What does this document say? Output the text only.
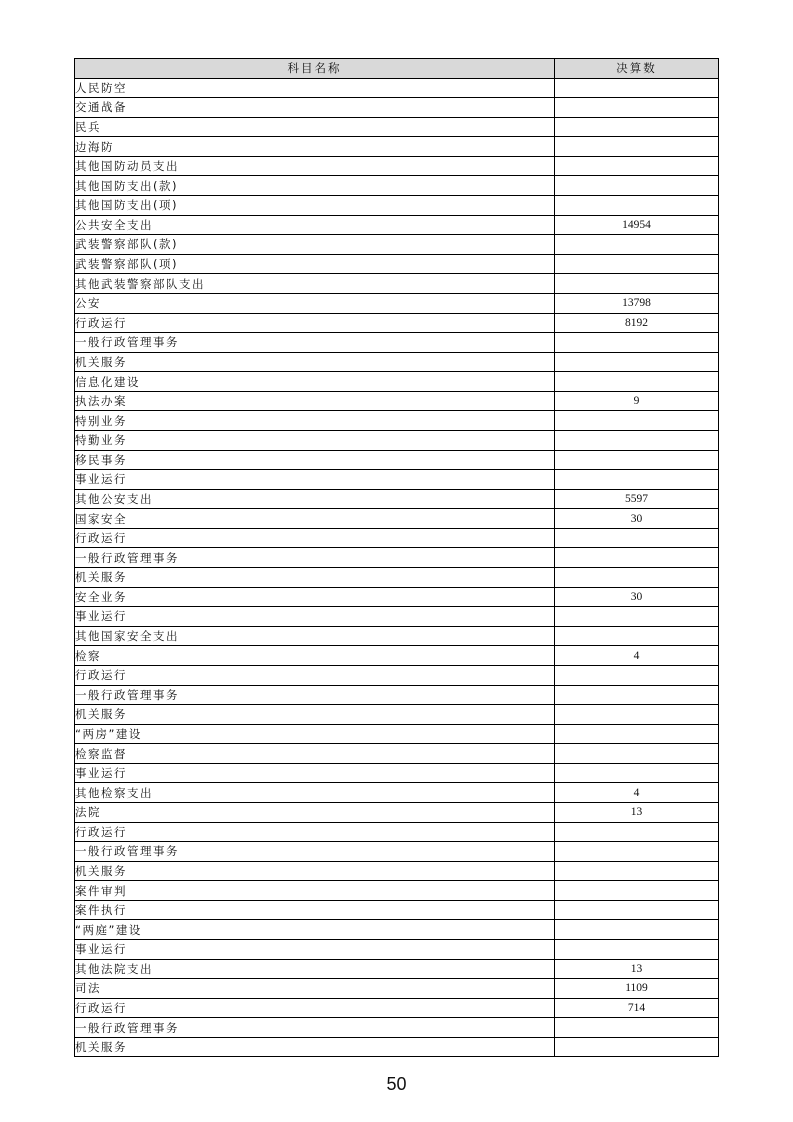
科目名称	决算数
人民防空	
交通战备	
民兵	
边海防	
其他国防动员支出	
其他国防支出(款)	
其他国防支出(项)	
公共安全支出	14954
武装警察部队(款)	
武装警察部队(项)	
其他武装警察部队支出	
公安	13798
行政运行	8192
一般行政管理事务	
机关服务	
信息化建设	
执法办案	9
特别业务	
特勤业务	
移民事务	
事业运行	
其他公安支出	5597
国家安全	30
行政运行	
一般行政管理事务	
机关服务	
安全业务	30
事业运行	
其他国家安全支出	
检察	4
行政运行	
一般行政管理事务	
机关服务	
“两房”建设	
检察监督	
事业运行	
其他检察支出	4
法院	13
行政运行	
一般行政管理事务	
机关服务	
案件审判	
案件执行	
“两庭”建设	
事业运行	
其他法院支出	13
司法	1109
行政运行	714
一般行政管理事务	
机关服务	
50
